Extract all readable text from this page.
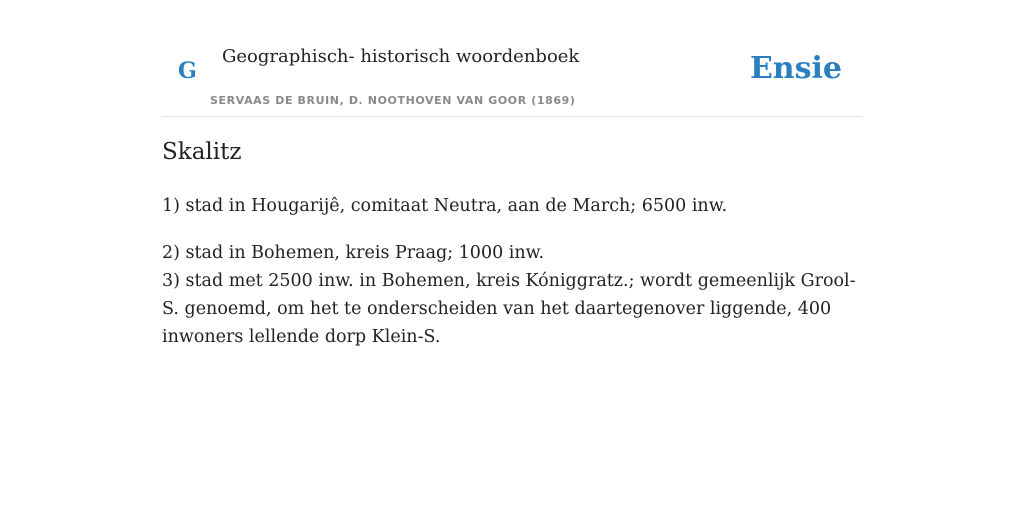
G
Geographisch- historisch woordenboek
SERVAAS DE BRUIN, D. NOOTHOVEN VAN GOOR (1869)
Ensie
Skalitz

1) stad in Hougarijê, comitaat Neutra, aan de March; 6500 inw.

2) stad in Bohemen, kreis Praag; 1000 inw.

3) stad met 2500 inw. in Bohemen, kreis Kóniggratz.; wordt gemeenlijk Grool-S. genoemd, om het te onderscheiden van het daartegenover liggende, 400 inwoners lellende dorp Klein-S.
